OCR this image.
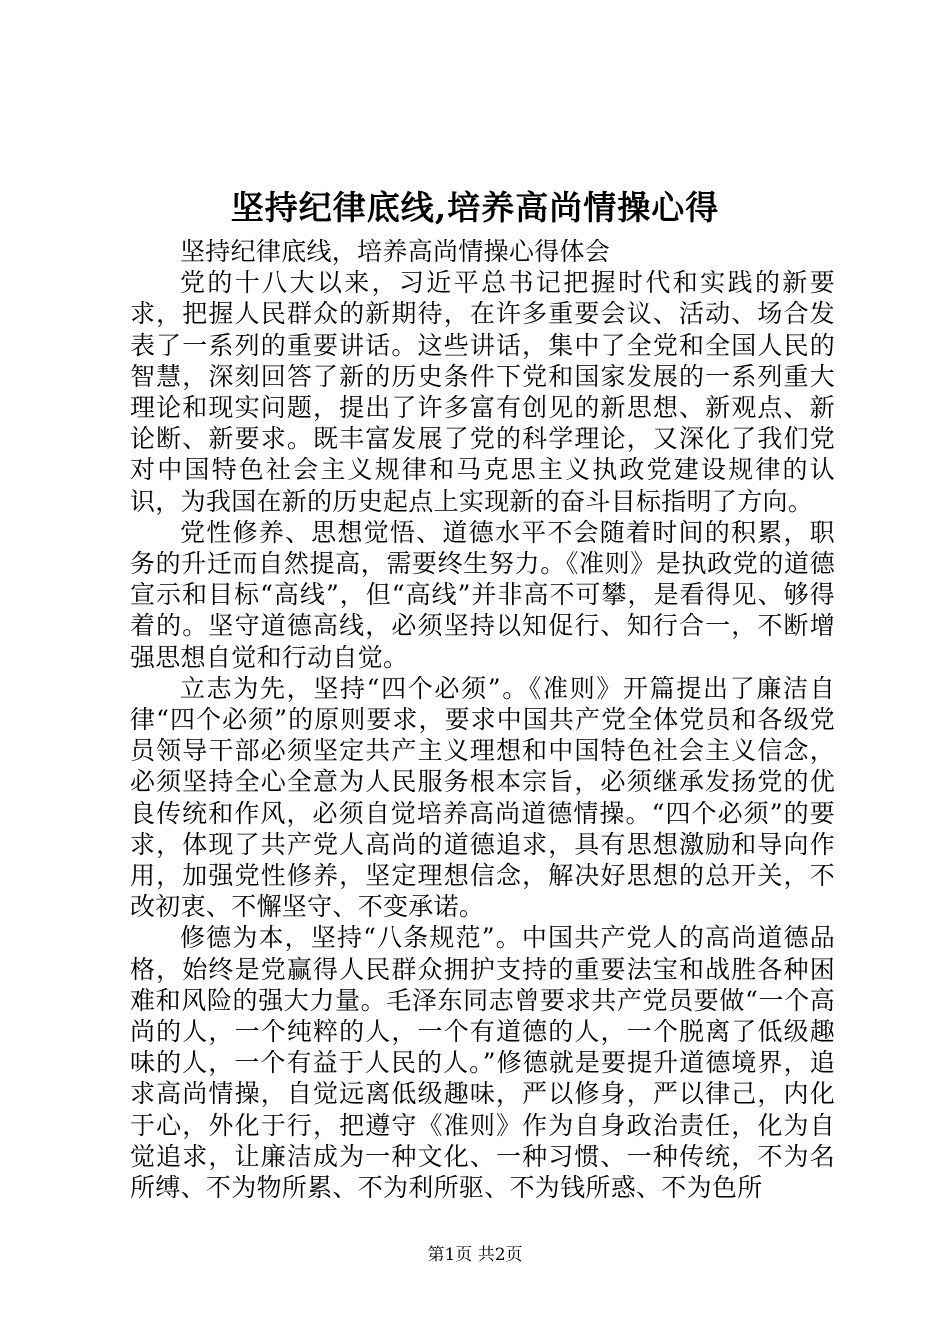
坚持纪律底线,培养高尚情操心得

坚持纪律底线，培养高尚情操心得体会

党的十八大以来，习近平总书记把握时代和实践的新要求，把握人民群众的新期待，在许多重要会议、活动、场合发表了一系列的重要讲话。这些讲话，集中了全党和全国人民的智慧，深刻回答了新的历史条件下党和国家发展的一系列重大理论和现实问题，提出了许多富有创见的新思想、新观点、新论断、新要求。既丰富发展了党的科学理论，又深化了我们党对中国特色社会主义规律和马克思主义执政党建设规律的认识，为我国在新的历史起点上实现新的奋斗目标指明了方向。

党性修养、思想觉悟、道德水平不会随着时间的积累，职务的升迁而自然提高，需要终生努力。《准则》是执政党的道德宣示和目标“高线”，但“高线”并非高不可攀，是看得见、够得着的。坚守道德高线，必须坚持以知促行、知行合一，不断增强思想自觉和行动自觉。

立志为先，坚持“四个必须”。《准则》开篇提出了廉洁自律“四个必须”的原则要求，要求中国共产党全体党员和各级党员领导干部必须坚定共产主义理想和中国特色社会主义信念，必须坚持全心全意为人民服务根本宗旨，必须继承发扬党的优良传统和作风，必须自觉培养高尚道德情操。“四个必须”的要求，体现了共产党人高尚的道德追求，具有思想激励和导向作用，加强党性修养，坚定理想信念，解决好思想的总开关，不改初衷、不懈坚守、不变承诺。

修德为本，坚持“八条规范”。中国共产党人的高尚道德品格，始终是党赢得人民群众拥护支持的重要法宝和战胜各种困难和风险的强大力量。毛泽东同志曾要求共产党员要做“一个高尚的人，一个纯粹的人，一个有道德的人，一个脱离了低级趣味的人，一个有益于人民的人。”修德就是要提升道德境界，追求高尚情操，自觉远离低级趣味，严以修身，严以律己，内化于心，外化于行，把遵守《准则》作为自身政治责任，化为自觉追求，让廉洁成为一种文化、一种习惯、一种传统，不为名所缚、不为物所累、不为利所驱、不为钱所惑、不为色所

第1页 共2页
